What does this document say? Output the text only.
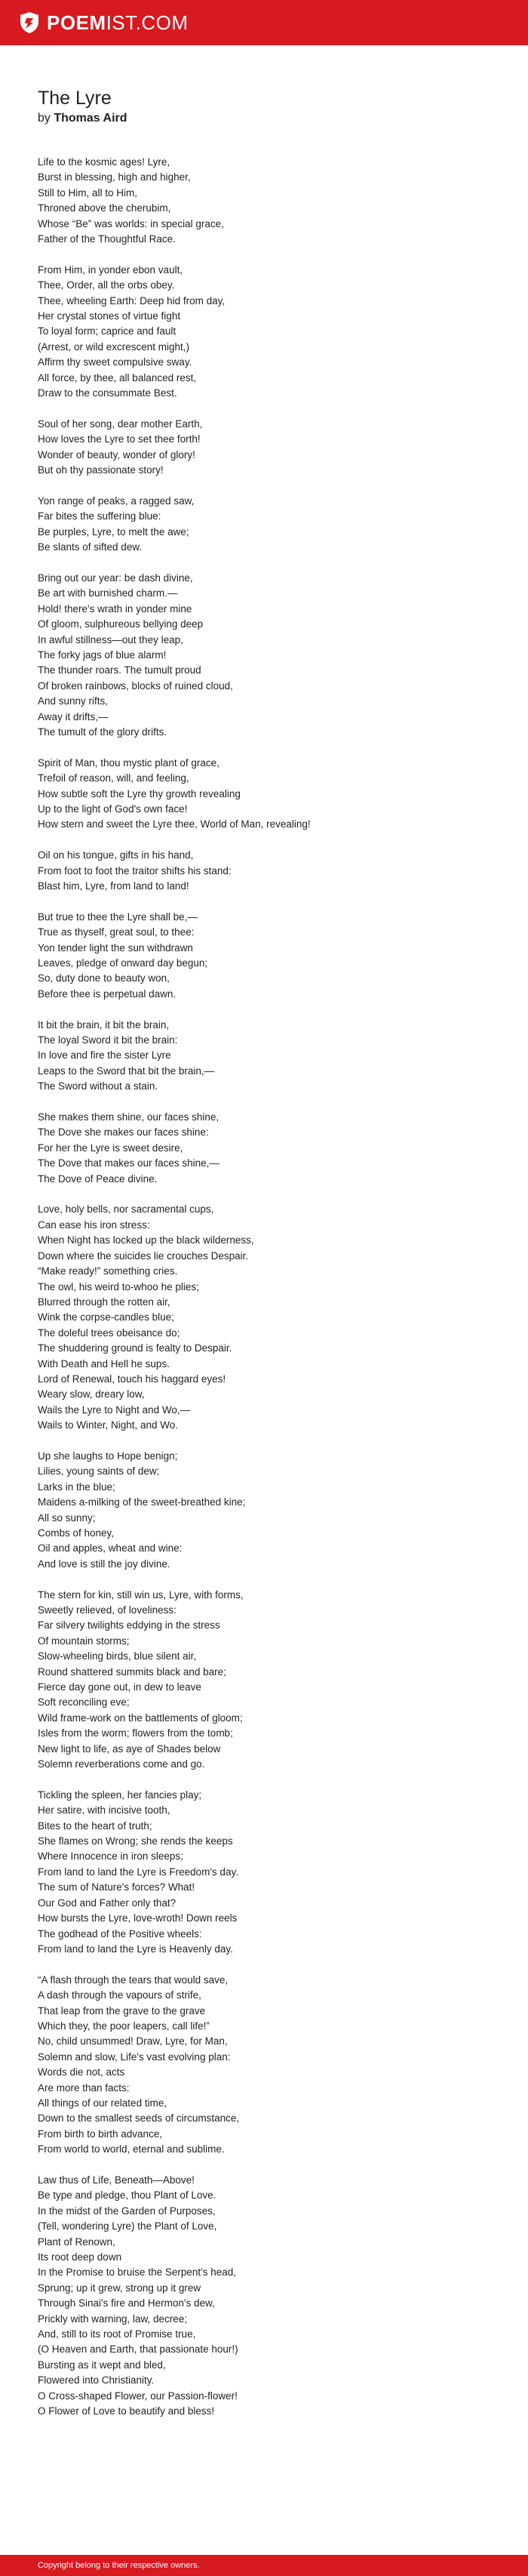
POEMIST.COM
The Lyre
by Thomas Aird
Life to the kosmic ages! Lyre,
Burst in blessing, high and higher,
Still to Him, all to Him,
Throned above the cherubim,
Whose “Be” was worlds: in special grace,
Father of the Thoughtful Race.
From Him, in yonder ebon vault,
Thee, Order, all the orbs obey.
Thee, wheeling Earth: Deep hid from day,
Her crystal stones of virtue fight
To loyal form; caprice and fault
(Arrest, or wild excrescent might,)
Affirm thy sweet compulsive sway.
All force, by thee, all balanced rest,
Draw to the consummate Best.
Soul of her song, dear mother Earth,
How loves the Lyre to set thee forth!
Wonder of beauty, wonder of glory!
But oh thy passionate story!
Yon range of peaks, a ragged saw,
Far bites the suffering blue:
Be purples, Lyre, to melt the awe;
Be slants of sifted dew.
Bring out our year: be dash divine,
Be art with burnished charm.—
Hold! there's wrath in yonder mine
Of gloom, sulphureous bellying deep
In awful stillness—out they leap,
The forky jags of blue alarm!
The thunder roars. The tumult proud
Of broken rainbows, blocks of ruined cloud,
And sunny rifts,
Away it drifts,—
The tumult of the glory drifts.
Spirit of Man, thou mystic plant of grace,
Trefoil of reason, will, and feeling,
How subtle soft the Lyre thy growth revealing
Up to the light of God's own face!
How stern and sweet the Lyre thee, World of Man, revealing!
Oil on his tongue, gifts in his hand,
From foot to foot the traitor shifts his stand:
Blast him, Lyre, from land to land!
But true to thee the Lyre shall be,—
True as thyself, great soul, to thee:
Yon tender light the sun withdrawn
Leaves, pledge of onward day begun;
So, duty done to beauty won,
Before thee is perpetual dawn.
It bit the brain, it bit the brain,
The loyal Sword it bit the brain:
In love and fire the sister Lyre
Leaps to the Sword that bit the brain,—
The Sword without a stain.
She makes them shine, our faces shine,
The Dove she makes our faces shine:
For her the Lyre is sweet desire,
The Dove that makes our faces shine,—
The Dove of Peace divine.
Love, holy bells, nor sacramental cups,
Can ease his iron stress:
When Night has locked up the black wilderness,
Down where the suicides lie crouches Despair.
“Make ready!” something cries.
The owl, his weird to-whoo he plies;
Blurred through the rotten air,
Wink the corpse-candles blue;
The doleful trees obeisance do;
The shuddering ground is fealty to Despair.
With Death and Hell he sups.
Lord of Renewal, touch his haggard eyes!
Weary slow, dreary low,
Wails the Lyre to Night and Wo,—
Wails to Winter, Night, and Wo.
Up she laughs to Hope benign;
Lilies, young saints of dew;
Larks in the blue;
Maidens a-milking of the sweet-breathed kine;
All so sunny;
Combs of honey,
Oil and apples, wheat and wine:
And love is still the joy divine.
The stern for kin, still win us, Lyre, with forms,
Sweetly relieved, of loveliness:
Far silvery twilights eddying in the stress
Of mountain storms;
Slow-wheeling birds, blue silent air,
Round shattered summits black and bare;
Fierce day gone out, in dew to leave
Soft reconciling eve;
Wild frame-work on the battlements of gloom;
Isles from the worm; flowers from the tomb;
New light to life, as aye of Shades below
Solemn reverberations come and go.
Tickling the spleen, her fancies play;
Her satire, with incisive tooth,
Bites to the heart of truth;
She flames on Wrong; she rends the keeps
Where Innocence in iron sleeps;
From land to land the Lyre is Freedom's day.
The sum of Nature's forces? What!
Our God and Father only that?
How bursts the Lyre, love-wroth! Down reels
The godhead of the Positive wheels:
From land to land the Lyre is Heavenly day.
“A flash through the tears that would save,
A dash through the vapours of strife,
That leap from the grave to the grave
Which they, the poor leapers, call life!”
No, child unsummed! Draw, Lyre, for Man,
Solemn and slow, Life's vast evolving plan:
Words die not, acts
Are more than facts:
All things of our related time,
Down to the smallest seeds of circumstance,
From birth to birth advance,
From world to world, eternal and sublime.
Law thus of Life, Beneath—Above!
Be type and pledge, thou Plant of Love.
In the midst of the Garden of Purposes,
(Tell, wondering Lyre) the Plant of Love,
Plant of Renown,
Its root deep down
In the Promise to bruise the Serpent's head,
Sprung; up it grew, strong up it grew
Through Sinai's fire and Hermon's dew,
Prickly with warning, law, decree;
And, still to its root of Promise true,
(O Heaven and Earth, that passionate hour!)
Bursting as it wept and bled,
Flowered into Christianity.
O Cross-shaped Flower, our Passion-flower!
O Flower of Love to beautify and bless!
Copyright belong to their respective owners.
